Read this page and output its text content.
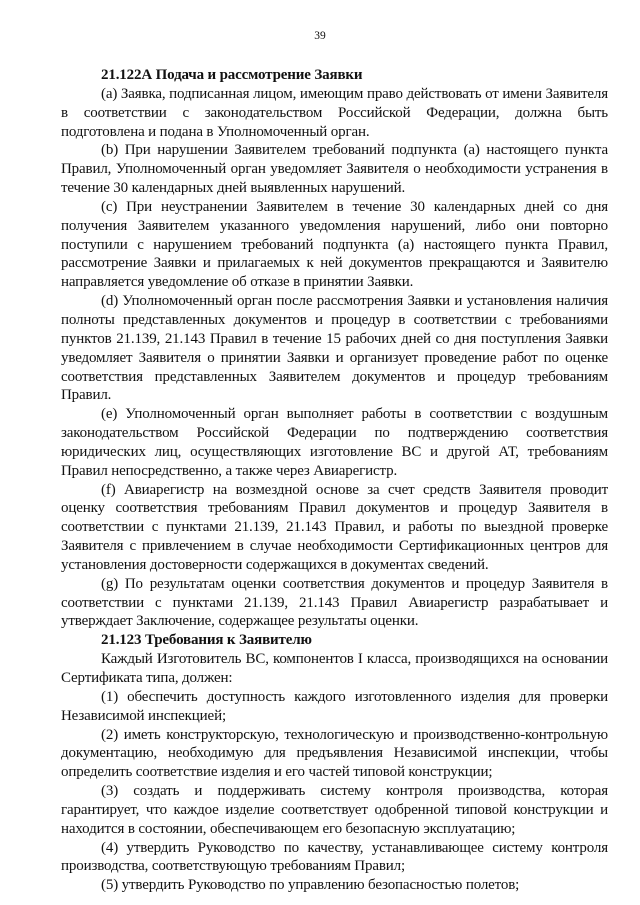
39

21.122А Подача и рассмотрение Заявки

(a) Заявка, подписанная лицом, имеющим право действовать от имени Заявителя в соответствии с законодательством Российской Федерации, должна быть подготовлена и подана в Уполномоченный орган.

(b) При нарушении Заявителем требований подпункта (а) настоящего пункта Правил, Уполномоченный орган уведомляет Заявителя о необходимости устранения в течение 30 календарных дней выявленных нарушений.

(c) При неустранении Заявителем в течение 30 календарных дней со дня получения Заявителем указанного уведомления нарушений, либо они повторно поступили с нарушением требований подпункта (а) настоящего пункта Правил, рассмотрение Заявки и прилагаемых к ней документов прекращаются и Заявителю направляется уведомление об отказе в принятии Заявки.

(d) Уполномоченный орган после рассмотрения Заявки и установления наличия полноты представленных документов и процедур в соответствии с требованиями пунктов 21.139, 21.143 Правил в течение 15 рабочих дней со дня поступления Заявки уведомляет Заявителя о принятии Заявки и организует проведение работ по оценке соответствия представленных Заявителем документов и процедур требованиям Правил.

(e) Уполномоченный орган выполняет работы в соответствии с воздушным законодательством Российской Федерации по подтверждению соответствия юридических лиц, осуществляющих изготовление ВС и другой АТ, требованиям Правил непосредственно, а также через Авиарегистр.

(f) Авиарегистр на возмездной основе за счет средств Заявителя проводит оценку соответствия требованиям Правил документов и процедур Заявителя в соответствии с пунктами 21.139, 21.143 Правил, и работы по выездной проверке Заявителя с привлечением в случае необходимости Сертификационных центров для установления достоверности содержащихся в документах сведений.

(g) По результатам оценки соответствия документов и процедур Заявителя в соответствии с пунктами 21.139, 21.143 Правил Авиарегистр разрабатывает и утверждает Заключение, содержащее результаты оценки.

21.123 Требования к Заявителю

Каждый Изготовитель ВС, компонентов I класса, производящихся на основании Сертификата типа, должен:

(1) обеспечить доступность каждого изготовленного изделия для проверки Независимой инспекцией;

(2) иметь конструкторскую, технологическую и производственно-контрольную документацию, необходимую для предъявления Независимой инспекции, чтобы определить соответствие изделия и его частей типовой конструкции;

(3) создать и поддерживать систему контроля производства, которая гарантирует, что каждое изделие соответствует одобренной типовой конструкции и находится в состоянии, обеспечивающем его безопасную эксплуатацию;

(4) утвердить Руководство по качеству, устанавливающее систему контроля производства, соответствующую требованиям Правил;

(5) утвердить Руководство по управлению безопасностью полетов;
